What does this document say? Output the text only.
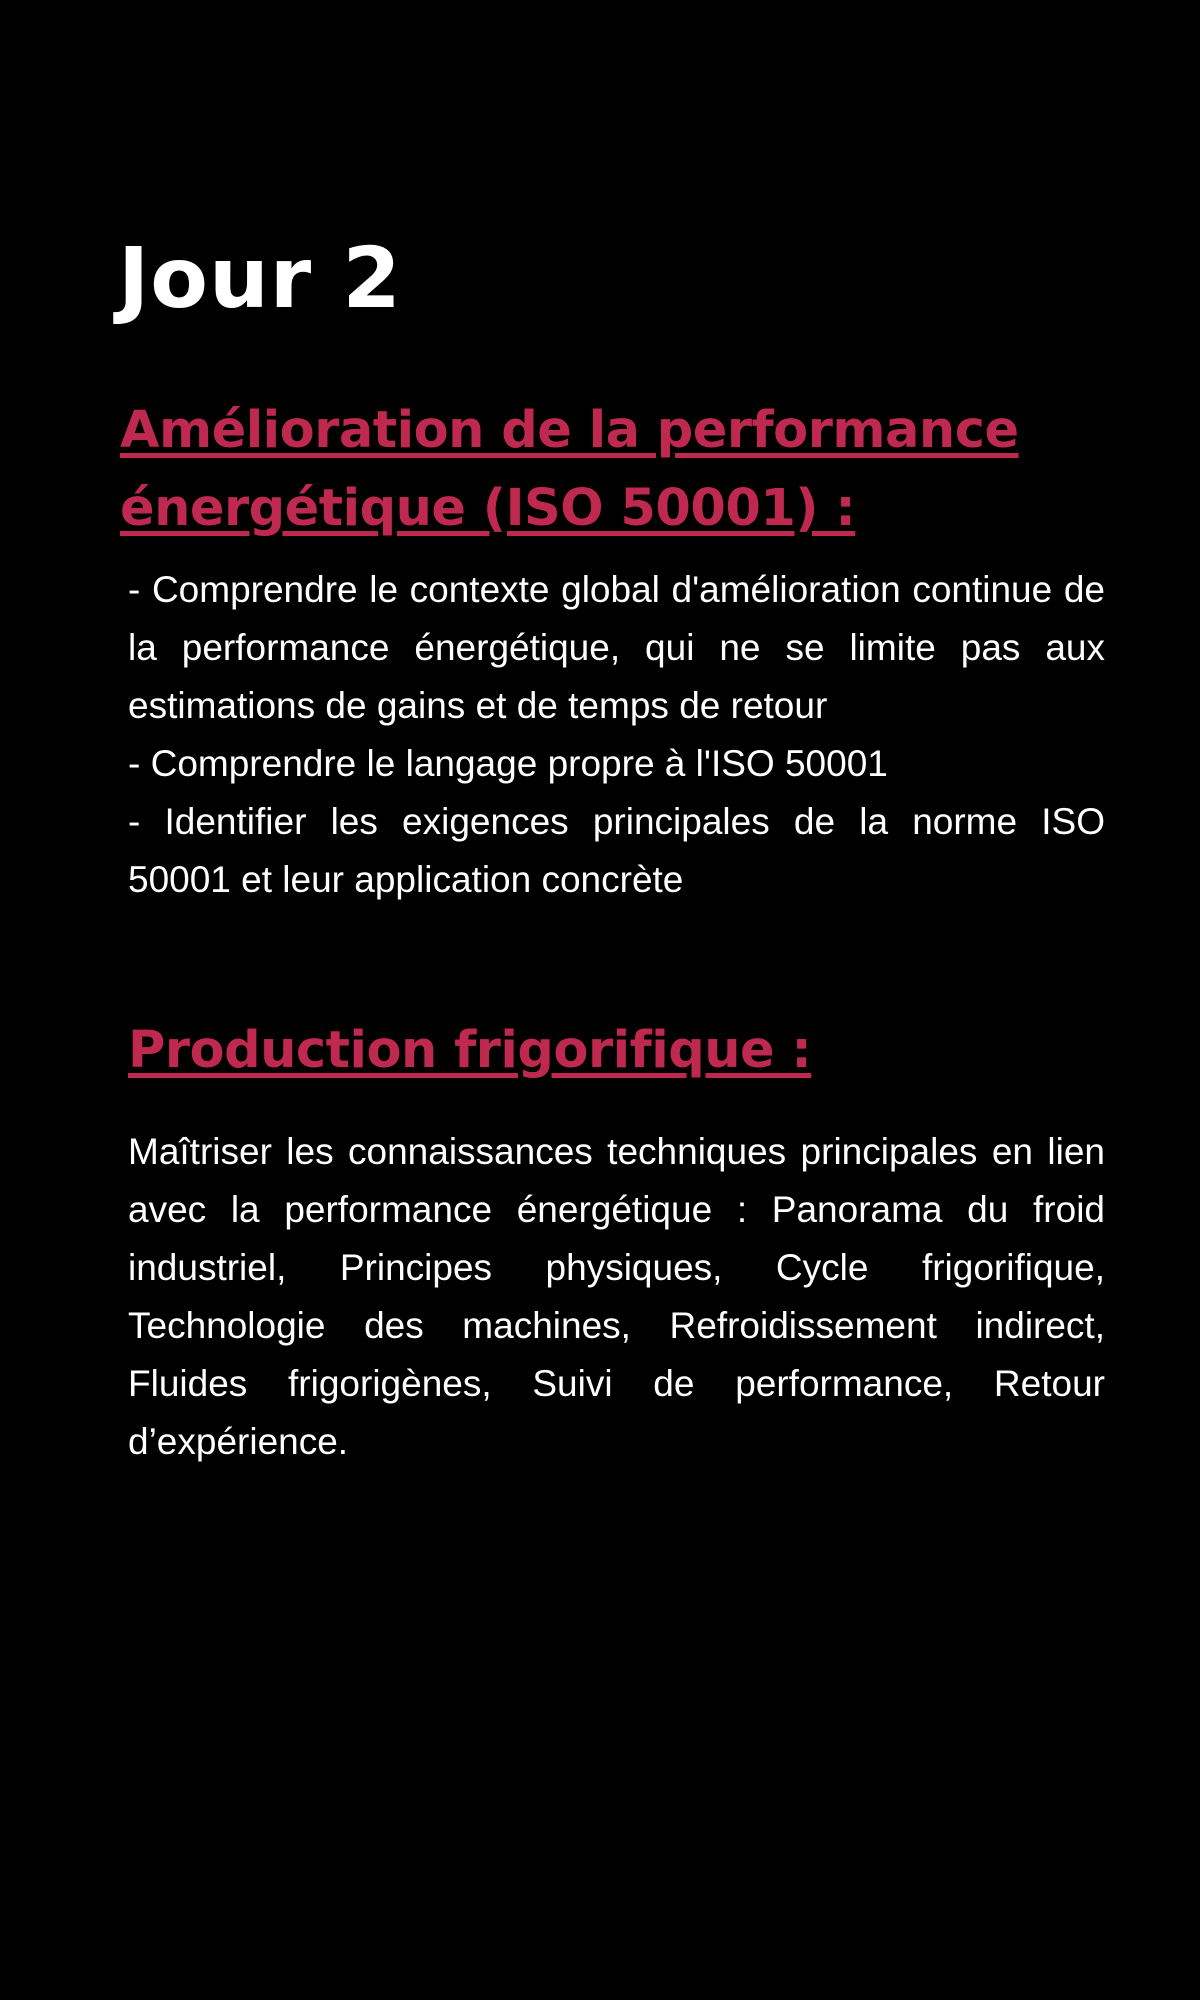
Jour 2
Amélioration de la performance énergétique (ISO 50001) :

- Comprendre le contexte global d'amélioration continue de la performance énergétique, qui ne se limite pas aux estimations de gains et de temps de retour

- Comprendre le langage propre à l'ISO 50001

- Identifier les exigences principales de la norme ISO 50001 et leur application concrète

Production frigorifique :

Maîtriser les connaissances techniques principales en lien avec la performance énergétique : Panorama du froid industriel, Principes physiques, Cycle frigorifique, Technologie des machines, Refroidissement indirect, Fluides frigorigènes, Suivi de performance, Retour d’expérience.
